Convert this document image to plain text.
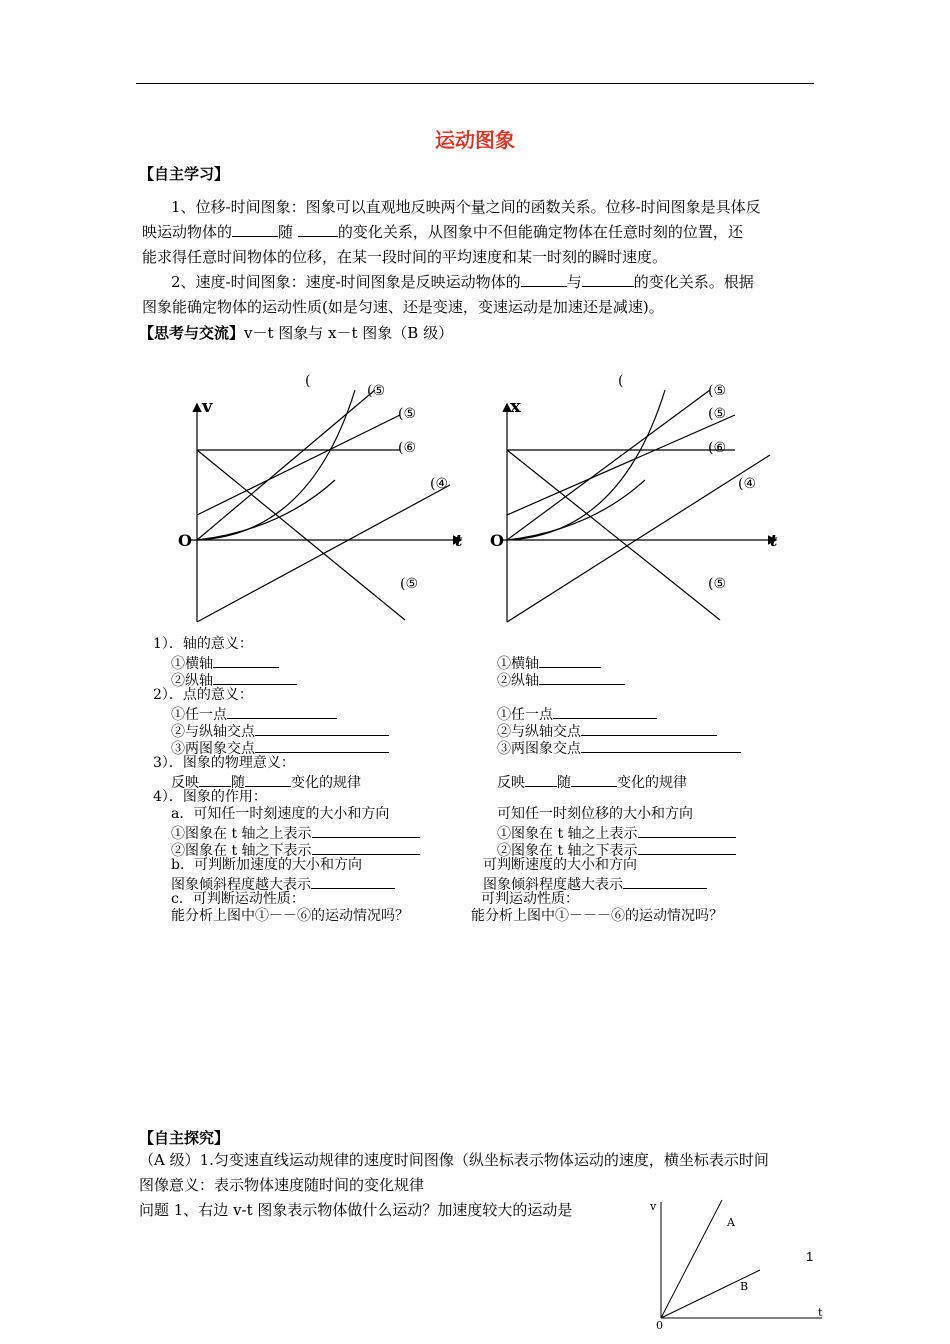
运动图象
【自主学习】
1、位移-时间图象：图象可以直观地反映两个量之间的函数关系。位移-时间图象是具体反
映运动物体的	随	的变化关系，从图象中不但能确定物体在任意时刻的位置，还
能求得任意时间物体的位移，在某一段时间的平均速度和某一时刻的瞬时速度。
2、速度-时间图象：速度-时间图象是反映运动物体的	与	的变化关系。根据
图象能确定物体的运动性质(如是匀速、还是变速，变速运动是加速还是减速)。
【思考与交流】v－t 图象与 x－t 图象（B 级）
v
t
O
(
(⑤
(⑤
(⑥
(④
(⑤
x
t
O
(
(⑤
(⑤
(⑥
(④
(⑤
1）．轴的意义：
①横轴
②纵轴
2）．点的意义：
①任一点
②与纵轴交点
③两图象交点
3）．图象的物理意义：
反映 随	变化的规律
4）．图象的作用：
a．可知任一时刻速度的大小和方向
①图象在 t 轴之上表示
②图象在 t 轴之下表示
b．可判断加速度的大小和方向
图象倾斜程度越大表示
c．可判断运动性质：
能分析上图中①－－⑥的运动情况吗？
①横轴
②纵轴
①任一点
②与纵轴交点
③两图象交点
反映 随	变化的规律
可知任一时刻位移的大小和方向
①图象在 t 轴之上表示
②图象在 t 轴之下表示
可判断速度的大小和方向
图象倾斜程度越大表示
可判运动性质：
能分析上图中①－－－⑥的运动情况吗？
【自主探究】
（A 级）1.匀变速直线运动规律的速度时间图像（纵坐标表示物体运动的速度，横坐标表示时间
图像意义：表示物体速度随时间的变化规律
问题 1、右边 v-t 图象表示物体做什么运动？加速度较大的运动是	v
t
0
A
B
1
